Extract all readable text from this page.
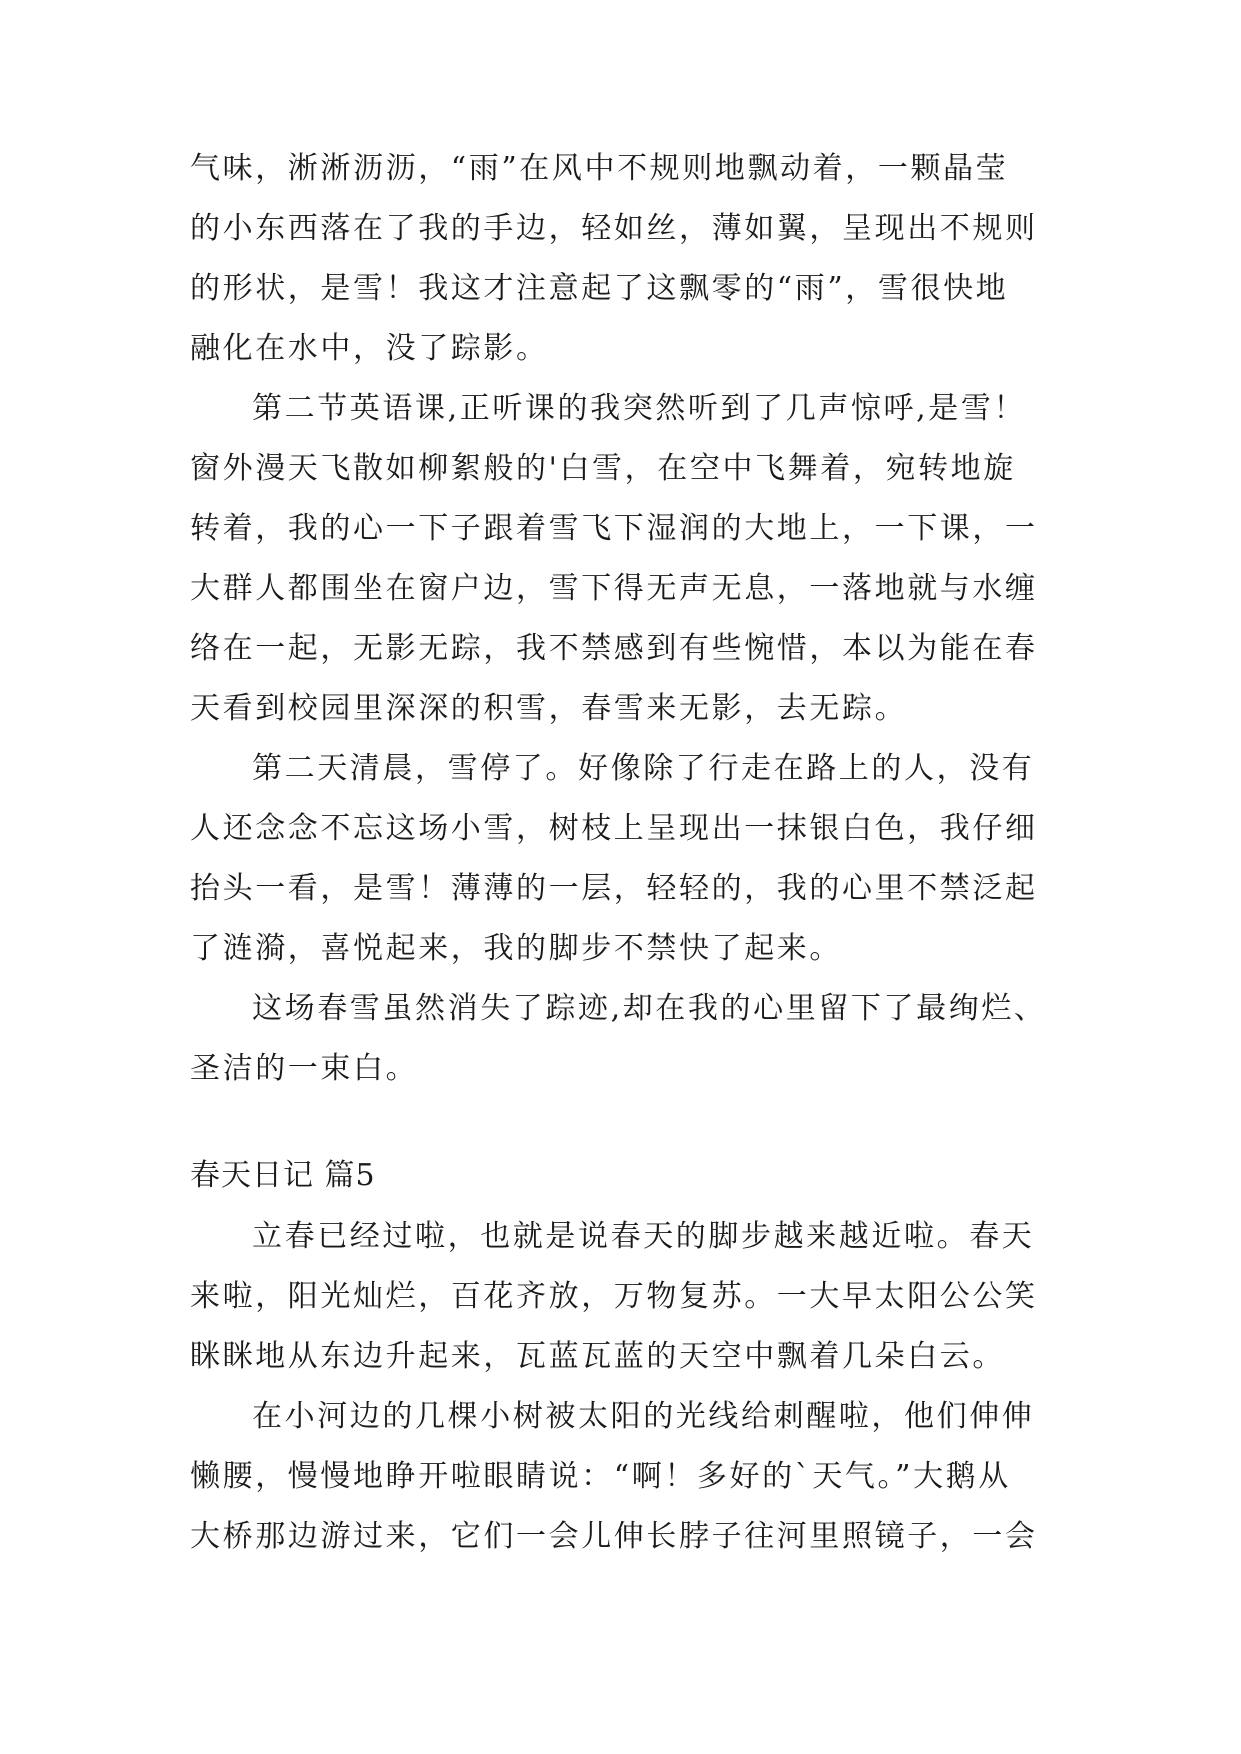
气味，淅淅沥沥，“雨”在风中不规则地飘动着，一颗晶莹
的小东西落在了我的手边，轻如丝，薄如翼，呈现出不规则
的形状，是雪！我这才注意起了这飘零的“雨”，雪很快地
融化在水中，没了踪影。
第二节英语课,正听课的我突然听到了几声惊呼,是雪！
窗外漫天飞散如柳絮般的'白雪，在空中飞舞着，宛转地旋
转着，我的心一下子跟着雪飞下湿润的大地上，一下课，一
大群人都围坐在窗户边，雪下得无声无息，一落地就与水缠
络在一起，无影无踪，我不禁感到有些惋惜，本以为能在春
天看到校园里深深的积雪，春雪来无影，去无踪。
第二天清晨，雪停了。好像除了行走在路上的人，没有
人还念念不忘这场小雪，树枝上呈现出一抹银白色，我仔细
抬头一看，是雪！薄薄的一层，轻轻的，我的心里不禁泛起
了涟漪，喜悦起来，我的脚步不禁快了起来。
这场春雪虽然消失了踪迹,却在我的心里留下了最绚烂、
圣洁的一束白。
春天日记 篇5
立春已经过啦，也就是说春天的脚步越来越近啦。春天
来啦，阳光灿烂，百花齐放，万物复苏。一大早太阳公公笑
眯眯地从东边升起来，瓦蓝瓦蓝的天空中飘着几朵白云。
在小河边的几棵小树被太阳的光线给刺醒啦，他们伸伸
懒腰，慢慢地睁开啦眼睛说：“啊！多好的`天气。”大鹅从
大桥那边游过来，它们一会儿伸长脖子往河里照镜子，一会
